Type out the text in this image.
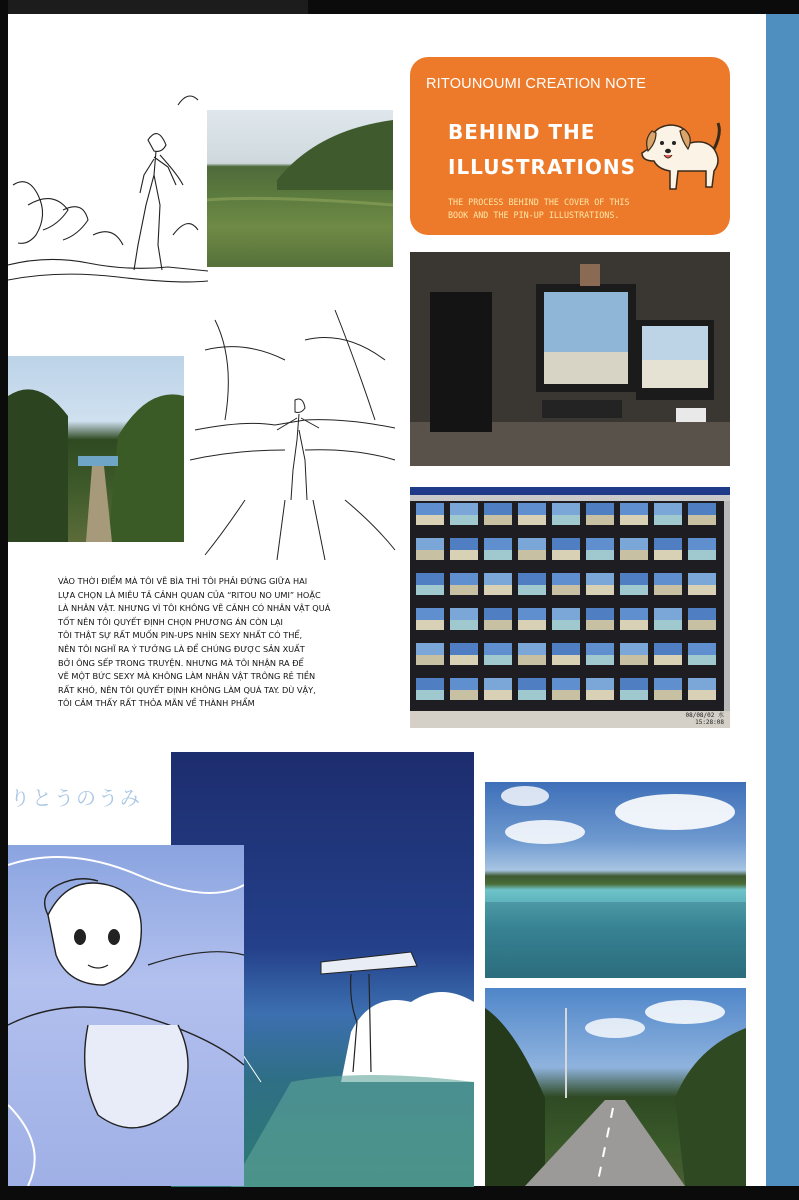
RITOUNOUMI CREATION NOTE
BEHIND THE
ILLUSTRATIONS
THE PROCESS BEHIND THE COVER OF THIS
BOOK AND THE PIN-UP ILLUSTRATIONS.
08/08/02 水 15:28:08

VÀO THỜI ĐIỂM MÀ TÔI VẼ BÌA THÌ TÔI PHẢI ĐỨNG GIỮA HAI

LỰA CHỌN LÀ MIÊU TẢ CẢNH QUAN CỦA “RITOU NO UMI” HOẶC

LÀ NHÂN VẬT. NHƯNG VÌ TÔI KHÔNG VẼ CẢNH CÓ NHÂN VẬT QUÁ

TỐT NÊN TÔI QUYẾT ĐỊNH CHỌN PHƯƠNG ÁN CÒN LẠI

TÔI THẬT SỰ RẤT MUỐN PIN-UPS NHÌN SEXY NHẤT CÓ THỂ,

NÊN TÔI NGHĨ RA Ý TƯỞNG LÀ ĐỂ CHÚNG ĐƯỢC SẢN XUẤT

BỞI ÔNG SẾP TRONG TRUYỆN. NHƯNG MÀ TÔI NHẬN RA ĐỂ

VẼ MỘT BỨC SEXY MÀ KHÔNG LÀM NHÂN VẬT TRÔNG RẺ TIỀN

RẤT KHÓ, NÊN TÔI QUYẾT ĐỊNH KHÔNG LÀM QUÁ TAY. DÙ VẬY,

TÔI CẢM THẤY RẤT THỎA MÃN VỀ THÀNH PHẨM

りとうのうみ
